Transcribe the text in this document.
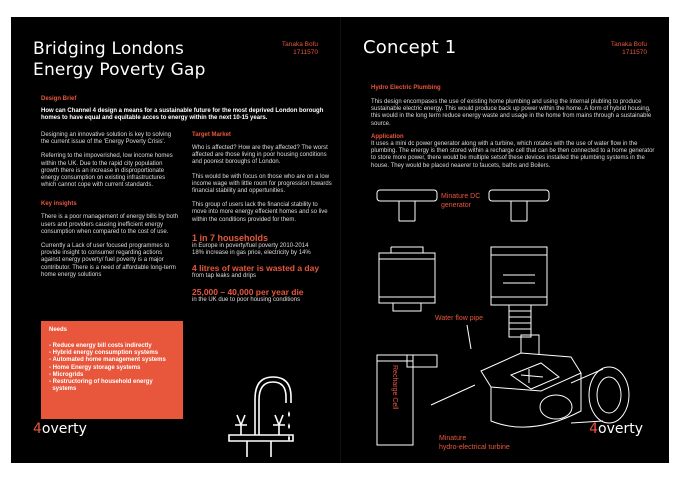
Bridging Londons
Energy Poverty Gap
Tanaka Bofu
1711570
Design Brief
How can Channel 4 design a means for a sustainable future for the most deprived London borough homes to have equal and equitable acces to energy within the next 10-15 years.
Designing an innovative solution is key to solving the current issue of the 'Energy Poverty Crisis'.
Referring to the impoverished, low income homes within the UK. Due to the rapid city population growth there is an increase in disproportionate energy consumption on existing infrastructures which cannot cope with current standards.
Key insights
There is a poor management of energy bills by both users and providers causing inefficient energy consumption when compared to the cost of use.
Currently a Lack of user focused programmes to provide insight to consumer regarding actions against energy poverty/ fuel poverty is a major contributor. There is a need of affordable long-term home energy solutions
Needs
- Reduce energy bill costs indirectly
- Hybrid energy consumption systems
- Automated home management systems
- Home Energy storage systems
- Microgrids
- Restructoring of household energy
systems
Target Market
Who is affected? How are they affected? The worst affected are those living in poor housing conditions and poorest boroughs of London.
This would be with focus on those who are on a low income wage with little room for progression towards financial stability and oppertunities.
This group of users lack the financial stability to move into more energy effecient homes and so live within the conditions provided for them.
1 in 7 households
in Europe in poverty/fuel poverty 2010-2014
18% increase in gas price, electricity by 14%
4 litres of water is wasted a day
from tap leaks and drips
25,000 – 40,000 per year die
in the UK due to poor housing conditions
4overty
Concept 1	Tanaka Bofu
1711570
Hydro Electric Plumbing
This design encompases the use of existing home plumbing and using the internal plubling to produce sustainable electric energy. This would produce back up power within the home. A form of hybrid housing, this would in the long term reduce energy waste and usage in the home from mains through a sustainable source.
Application
It uses a mini dc power generator along with a turbine, which rotates with the use of water flow in the plumbing. The energy is then stored within a recharge cell that can be then connected to a home generator to store more power, there would be multiple setsof these devices installed the plumbing systems in the house. They would be placed neaerer to faucets, baths and Boilers.
Minature DC
generator
Water flow pipe
Recharge Cell
Minature
hydro-electrical turbine
4overty
